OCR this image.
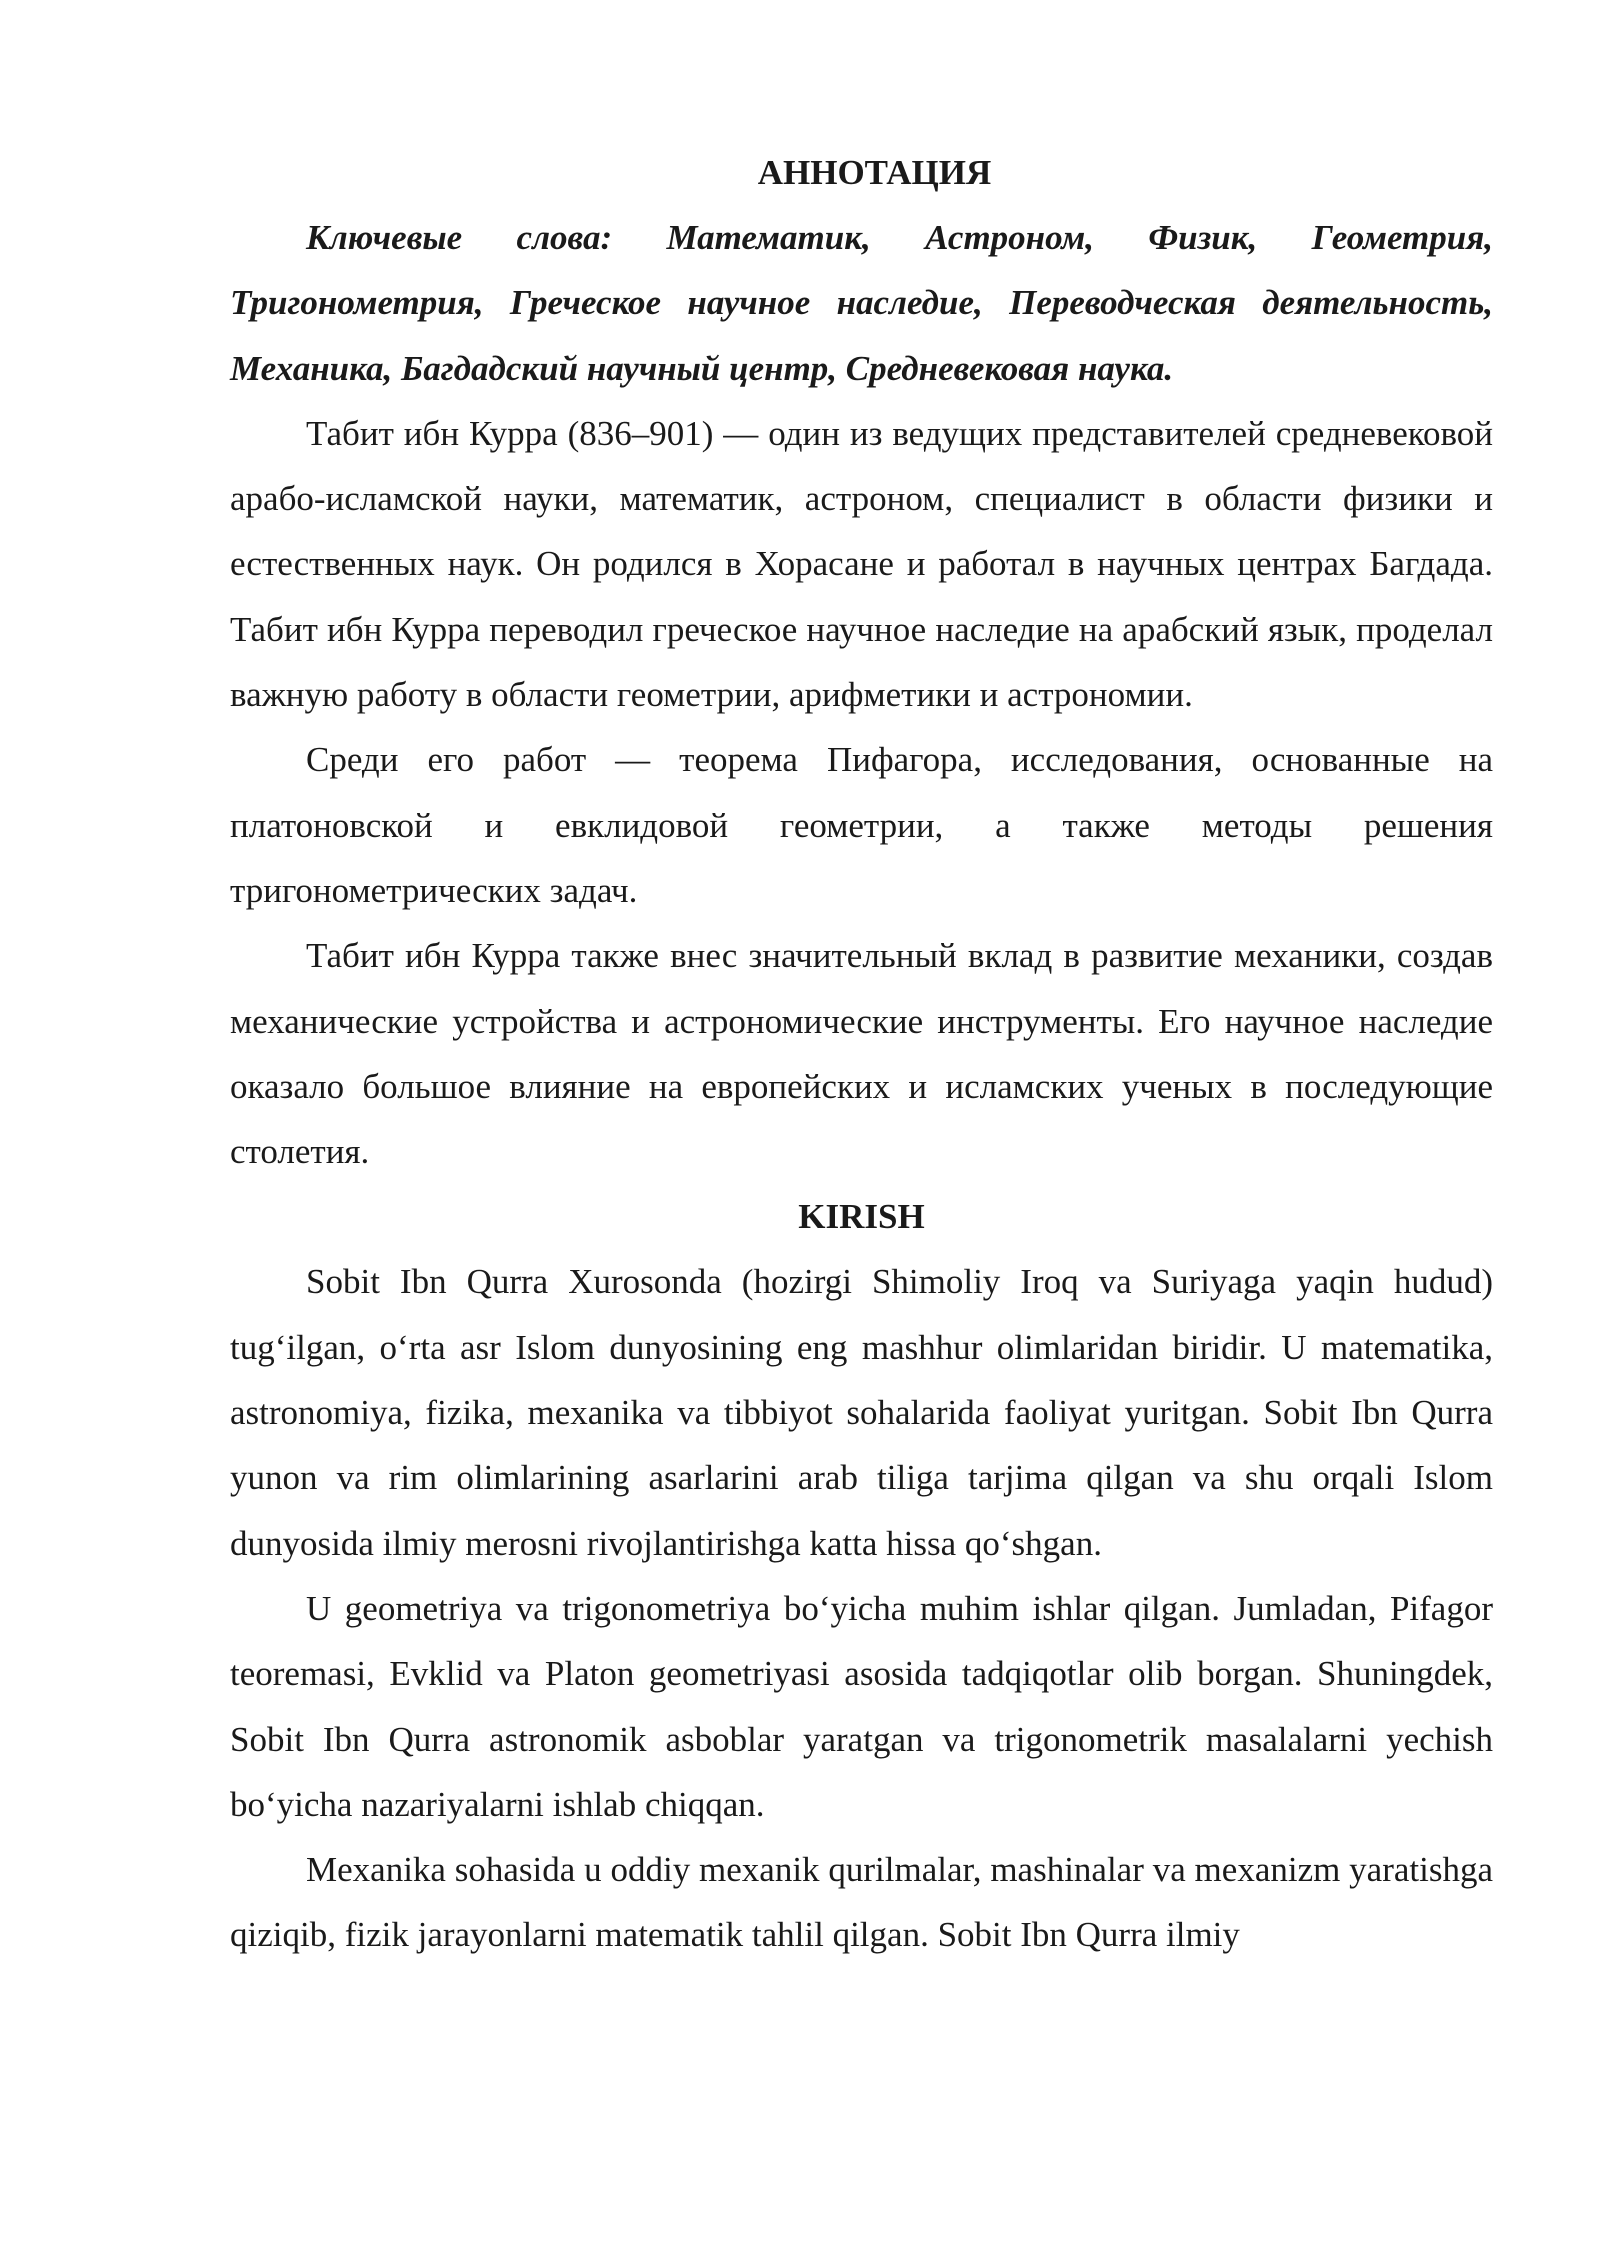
АННОТАЦИЯ

Ключевые слова: Математик, Астроном, Физик, Геометрия, Тригонометрия, Греческое научное наследие, Переводческая деятельность, Механика, Багдадский научный центр, Средневековая наука.

Табит ибн Курра (836–901) — один из ведущих представителей средневековой арабо-исламской науки, математик, астроном, специалист в области физики и естественных наук. Он родился в Хорасане и работал в научных центрах Багдада. Табит ибн Курра переводил греческое научное наследие на арабский язык, проделал важную работу в области геометрии, арифметики и астрономии.

Среди его работ — теорема Пифагора, исследования, основанные на платоновской и евклидовой геометрии, а также методы решения тригонометрических задач.

Табит ибн Курра также внес значительный вклад в развитие механики, создав механические устройства и астрономические инструменты. Его научное наследие оказало большое влияние на европейских и исламских ученых в последующие столетия.

KIRISH

Sobit Ibn Qurra Xurosonda (hozirgi Shimoliy Iroq va Suriyaga yaqin hudud) tug‘ilgan, o‘rta asr Islom dunyosining eng mashhur olimlaridan biridir. U matematika, astronomiya, fizika, mexanika va tibbiyot sohalarida faoliyat yuritgan. Sobit Ibn Qurra yunon va rim olimlarining asarlarini arab tiliga tarjima qilgan va shu orqali Islom dunyosida ilmiy merosni rivojlantirishga katta hissa qo‘shgan.

U geometriya va trigonometriya bo‘yicha muhim ishlar qilgan. Jumladan, Pifagor teoremasi, Evklid va Platon geometriyasi asosida tadqiqotlar olib borgan. Shuningdek, Sobit Ibn Qurra astronomik asboblar yaratgan va trigonometrik masalalarni yechish bo‘yicha nazariyalarni ishlab chiqqan.

Mexanika sohasida u oddiy mexanik qurilmalar, mashinalar va mexanizm yaratishga qiziqib, fizik jarayonlarni matematik tahlil qilgan. Sobit Ibn Qurra ilmiy
